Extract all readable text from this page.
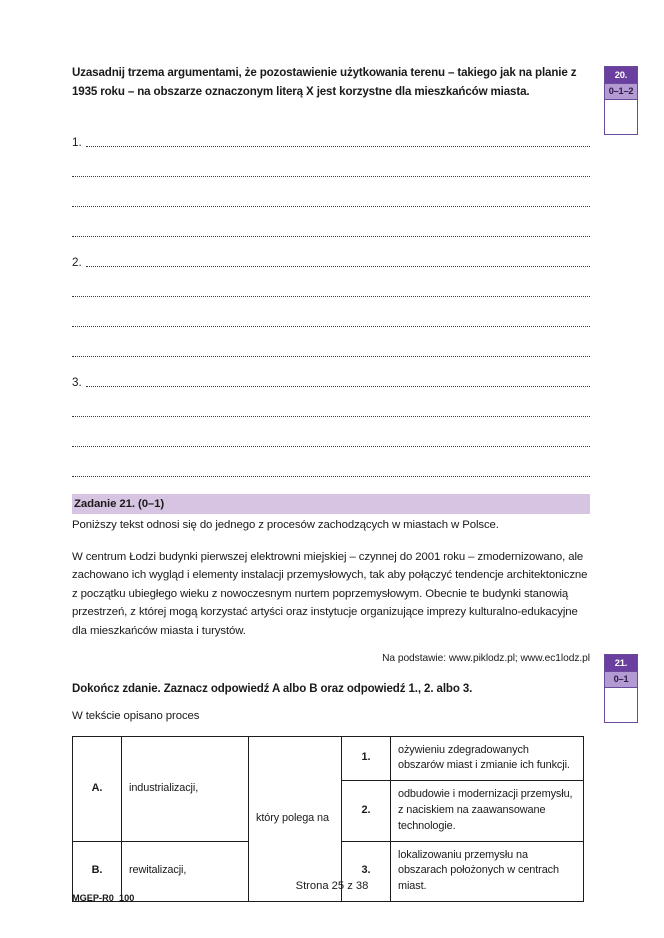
20.
0–1–2
21.
0–1

Uzasadnij trzema argumentami, że pozostawienie użytkowania terenu – takiego jak na planie z 1935 roku – na obszarze oznaczonym literą X jest korzystne dla mieszkańców miasta.

1.
2.
3.
Zadanie 21. (0–1)

Poniższy tekst odnosi się do jednego z procesów zachodzących w miastach w Polsce.

W centrum Łodzi budynki pierwszej elektrowni miejskiej – czynnej do 2001 roku – zmodernizowano, ale zachowano ich wygląd i elementy instalacji przemysłowych, tak aby połączyć tendencje architektoniczne z początku ubiegłego wieku z nowoczesnym nurtem poprzemysłowym. Obecnie te budynki stanowią przestrzeń, z której mogą korzystać artyści oraz instytucje organizujące imprezy kulturalno-edukacyjne dla mieszkańców miasta i turystów.

Na podstawie: www.piklodz.pl; www.ec1lodz.pl
Dokończ zdanie. Zaznacz odpowiedź A albo B oraz odpowiedź 1., 2. albo 3.
W tekście opisano proces
A.	industrializacji,	który polega na	1.	ożywieniu zdegradowanych obszarów miast i zmianie ich funkcji.
			2.	odbudowie i modernizacji przemysłu, z naciskiem na zaawansowane technologie.
B.	rewitalizacji,		3.	lokalizowaniu przemysłu na obszarach położonych w centrach miast.
MGEP-R0_100
Strona 25 z 38
